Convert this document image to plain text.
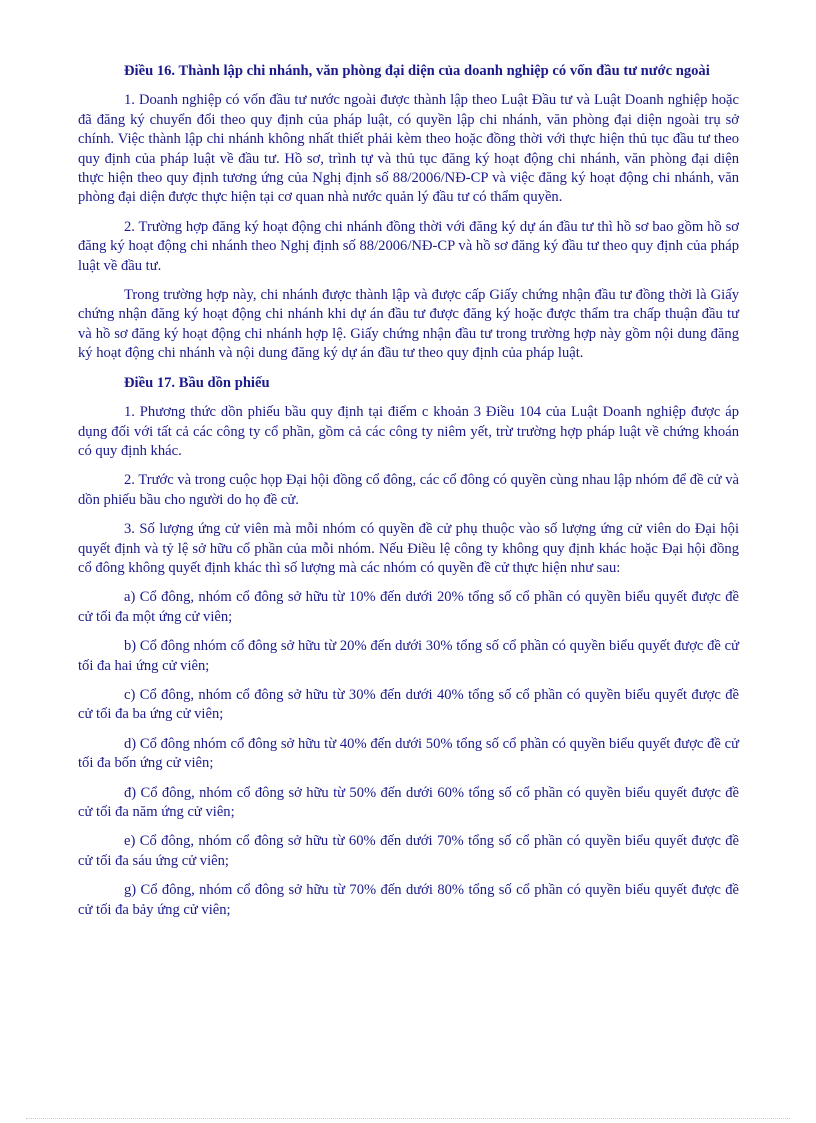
Điều 16. Thành lập chi nhánh, văn phòng đại diện của doanh nghiệp có vốn đầu tư nước ngoài
1. Doanh nghiệp có vốn đầu tư nước ngoài được thành lập theo Luật Đầu tư và Luật Doanh nghiệp hoặc đã đăng ký chuyển đổi theo quy định của pháp luật, có quyền lập chi nhánh, văn phòng đại diện ngoài trụ sở chính. Việc thành lập chi nhánh không nhất thiết phải kèm theo hoặc đồng thời với thực hiện thủ tục đầu tư theo quy định của pháp luật về đầu tư. Hồ sơ, trình tự và thủ tục đăng ký hoạt động chi nhánh, văn phòng đại diện thực hiện theo quy định tương ứng của Nghị định số 88/2006/NĐ-CP và việc đăng ký hoạt động chi nhánh, văn phòng đại diện được thực hiện tại cơ quan nhà nước quản lý đầu tư có thẩm quyền.
2. Trường hợp đăng ký hoạt động chi nhánh đồng thời với đăng ký dự án đầu tư thì hồ sơ bao gồm hồ sơ đăng ký hoạt động chi nhánh theo Nghị định số 88/2006/NĐ-CP và hồ sơ đăng ký đầu tư theo quy định của pháp luật về đầu tư.
Trong trường hợp này, chi nhánh được thành lập và được cấp Giấy chứng nhận đầu tư đồng thời là Giấy chứng nhận đăng ký hoạt động chi nhánh khi dự án đầu tư được đăng ký hoặc được thẩm tra chấp thuận đầu tư và hồ sơ đăng ký hoạt động chi nhánh hợp lệ. Giấy chứng nhận đầu tư trong trường hợp này gồm nội dung đăng ký hoạt động chi nhánh và nội dung đăng ký dự án đầu tư theo quy định của pháp luật.
Điều 17. Bầu dồn phiếu
1. Phương thức dồn phiếu bầu quy định tại điểm c khoản 3 Điều 104 của Luật Doanh nghiệp được áp dụng đối với tất cả các công ty cổ phần, gồm cả các công ty niêm yết, trừ trường hợp pháp luật về chứng khoán có quy định khác.
2. Trước và trong cuộc họp Đại hội đồng cổ đông, các cổ đông có quyền cùng nhau lập nhóm để đề cử và dồn phiếu bầu cho người do họ đề cử.
3. Số lượng ứng cử viên mà mỗi nhóm có quyền đề cử phụ thuộc vào số lượng ứng cử viên do Đại hội quyết định và tỷ lệ sở hữu cổ phần của mỗi nhóm. Nếu Điều lệ công ty không quy định khác hoặc Đại hội đồng cổ đông không quyết định khác thì số lượng mà các nhóm có quyền đề cử thực hiện như sau:
a) Cổ đông, nhóm cổ đông sở hữu từ 10% đến dưới 20% tổng số cổ phần có quyền biểu quyết được đề cử tối đa một ứng cử viên;
b) Cổ đông nhóm cổ đông sở hữu từ 20% đến dưới 30% tổng số cổ phần có quyền biểu quyết được đề cử tối đa hai ứng cử viên;
c) Cổ đông, nhóm cổ đông sở hữu từ 30% đến dưới 40% tổng số cổ phần có quyền biểu quyết được đề cử tối đa ba ứng cử viên;
d) Cổ đông nhóm cổ đông sở hữu từ 40% đến dưới 50% tổng số cổ phần có quyền biểu quyết được đề cử tối đa bốn ứng cử viên;
đ) Cổ đông, nhóm cổ đông sở hữu từ 50% đến dưới 60% tổng số cổ phần có quyền biểu quyết được đề cử tối đa năm ứng cử viên;
e) Cổ đông, nhóm cổ đông sở hữu từ 60% đến dưới 70% tổng số cổ phần có quyền biểu quyết được đề cử tối đa sáu ứng cử viên;
g) Cổ đông, nhóm cổ đông sở hữu từ 70% đến dưới 80% tổng số cổ phần có quyền biểu quyết được đề cử tối đa bảy ứng cử viên;
